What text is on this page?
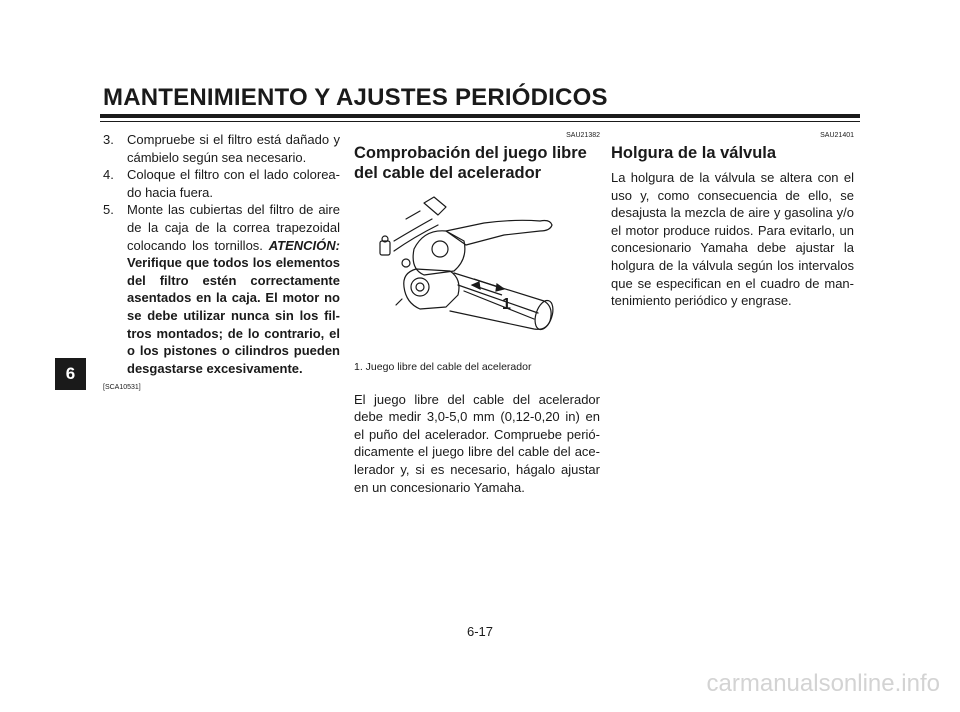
MANTENIMIENTO Y AJUSTES PERIÓDICOS
6
3.	Compruebe si el filtro está dañado y cámbielo según sea necesario.
4.	Coloque el filtro con el lado colorea-do hacia fuera.
5.	Monte las cubiertas del filtro de aire de la caja de la correa trapezoidal colocando los tornillos. ATENCIÓN: Verifique que todos los elementos del filtro estén correctamente asentados en la caja. El motor no se debe utilizar nunca sin los fil-tros montados; de lo contrario, el o los pistones o cilindros pueden desgastarse excesivamente.
[SCA10531]

SAU21382

Comprobación del juego libre del cable del acelerador
1
1. Juego libre del cable del acelerador

El juego libre del cable del acelerador debe medir 3,0-5,0 mm (0,12-0,20 in) en el puño del acelerador. Compruebe perió-dicamente el juego libre del cable del ace-lerador y, si es necesario, hágalo ajustar en un concesionario Yamaha.

SAU21401

Holgura de la válvula

La holgura de la válvula se altera con el uso y, como consecuencia de ello, se desajusta la mezcla de aire y gasolina y/o el motor produce ruidos. Para evitarlo, un concesionario Yamaha debe ajustar la holgura de la válvula según los intervalos que se especifican en el cuadro de man-tenimiento periódico y engrase.

6-17
carmanualsonline.info
